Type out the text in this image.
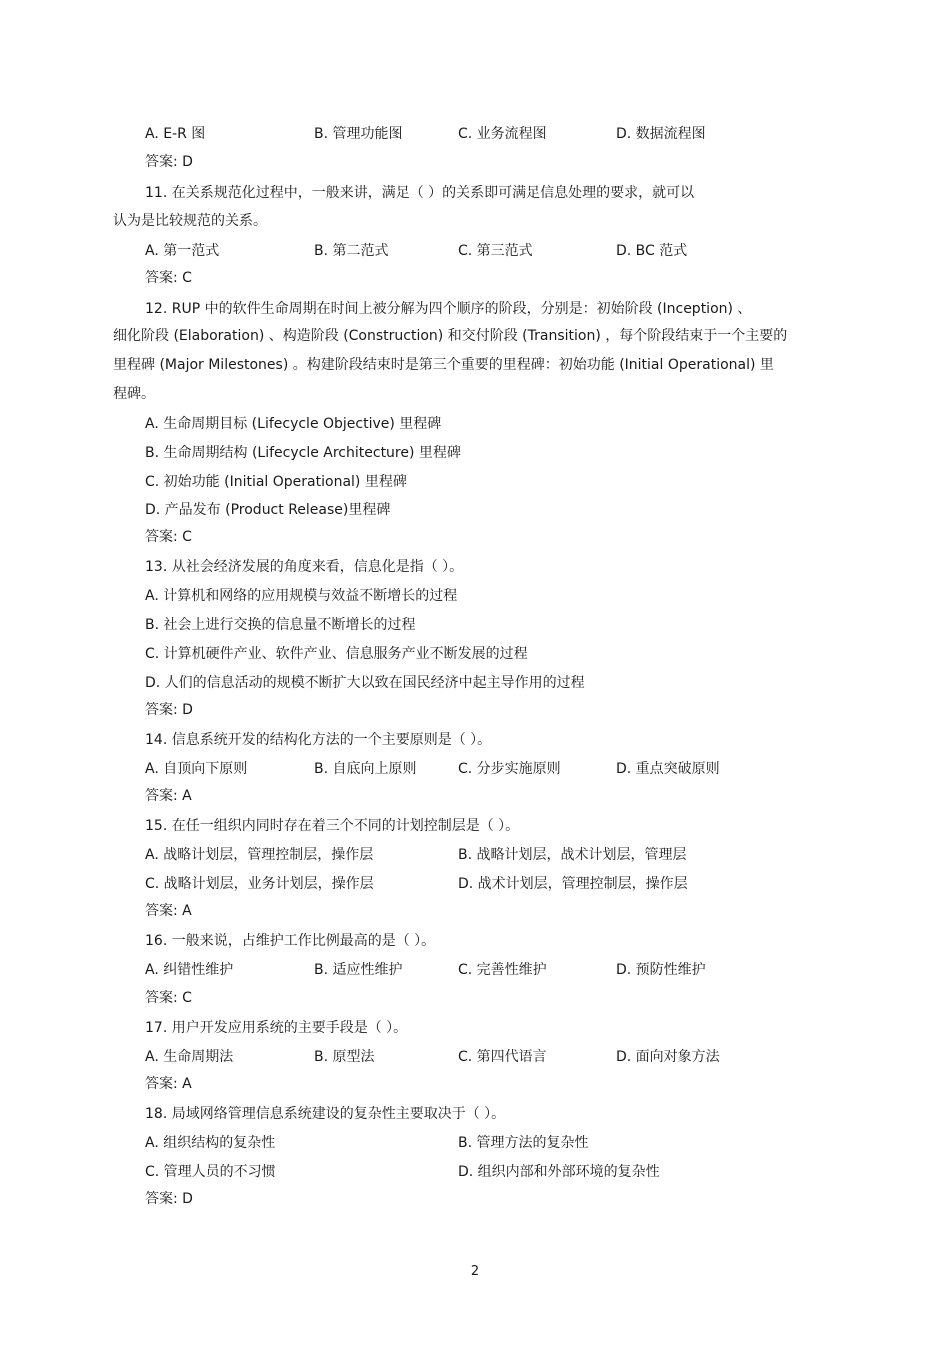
A. E-R 图	B. 管理功能图	C. 业务流程图	D. 数据流程图
答案: D
11. 在关系规范化过程中，一般来讲，满足（ ）的关系即可满足信息处理的要求，就可以
认为是比较规范的关系。
A. 第一范式	B. 第二范式	C. 第三范式	D. BC 范式
答案: C
12. RUP 中的软件生命周期在时间上被分解为四个顺序的阶段，分别是：初始阶段 (Inception) 、
细化阶段 (Elaboration) 、构造阶段 (Construction) 和交付阶段 (Transition) ，每个阶段结束于一个主要的
里程碑 (Major Milestones) 。构建阶段结束时是第三个重要的里程碑：初始功能 (Initial Operational) 里
程碑。
A. 生命周期目标 (Lifecycle Objective) 里程碑
B. 生命周期结构 (Lifecycle Architecture) 里程碑
C. 初始功能 (Initial Operational) 里程碑
D. 产品发布 (Product Release)里程碑
答案: C
13. 从社会经济发展的角度来看，信息化是指（ ）。
A. 计算机和网络的应用规模与效益不断增长的过程
B. 社会上进行交换的信息量不断增长的过程
C. 计算机硬件产业、软件产业、信息服务产业不断发展的过程
D. 人们的信息活动的规模不断扩大以致在国民经济中起主导作用的过程
答案: D
14. 信息系统开发的结构化方法的一个主要原则是（ ）。
A. 自顶向下原则	B. 自底向上原则	C. 分步实施原则	D. 重点突破原则
答案: A
15. 在任一组织内同时存在着三个不同的计划控制层是（ ）。
A. 战略计划层，管理控制层，操作层	B. 战略计划层，战术计划层，管理层
C. 战略计划层，业务计划层，操作层	D. 战术计划层，管理控制层，操作层
答案: A
16. 一般来说，占维护工作比例最高的是（ ）。
A. 纠错性维护	B. 适应性维护	C. 完善性维护	D. 预防性维护
答案: C
17. 用户开发应用系统的主要手段是（ ）。
A. 生命周期法	B. 原型法	C. 第四代语言	D. 面向对象方法
答案: A
18. 局域网络管理信息系统建设的复杂性主要取决于（ ）。
A. 组织结构的复杂性	B. 管理方法的复杂性
C. 管理人员的不习惯	D. 组织内部和外部环境的复杂性
答案: D
2
